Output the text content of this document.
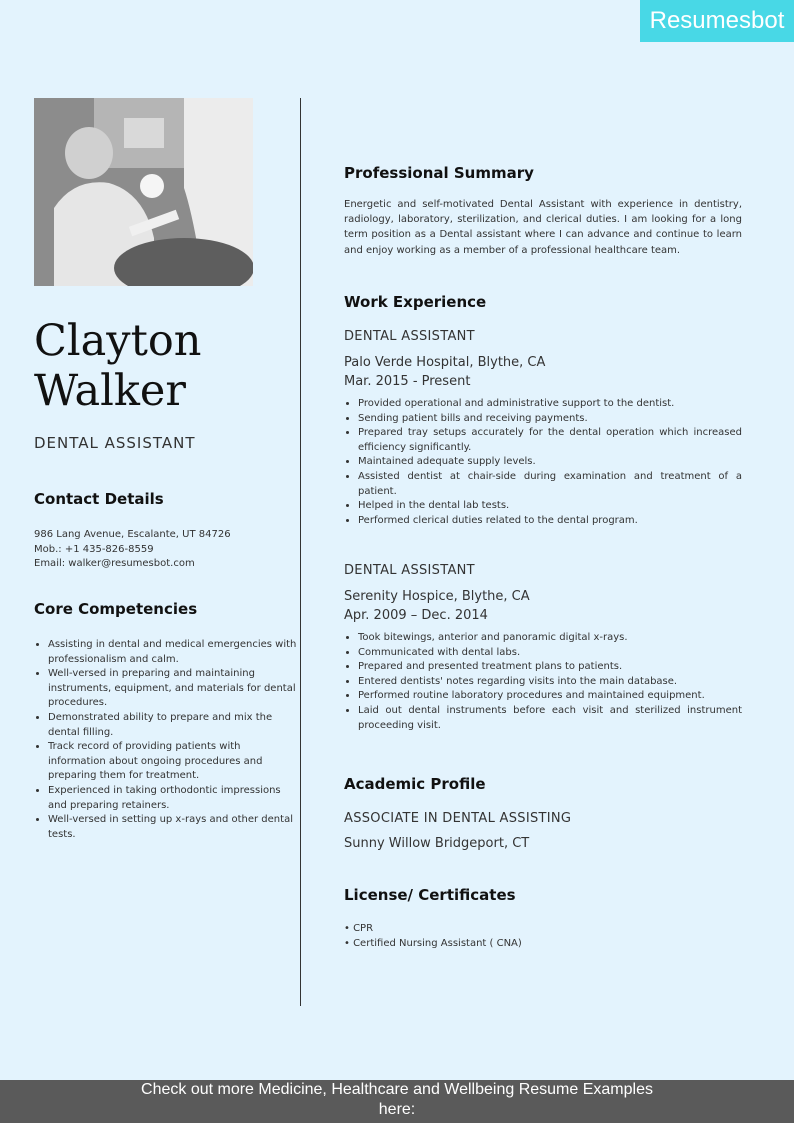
Resumesbot
Clayton
Walker
DENTAL ASSISTANT
Contact Details
986 Lang Avenue, Escalante, UT 84726
Mob.: +1 435-826-8559
Email: walker@resumesbot.com
Core Competencies
• Assisting in dental and medical emergencies with professionalism and calm.
• Well-versed in preparing and maintaining instruments, equipment, and materials for dental procedures.
• Demonstrated ability to prepare and mix the dental filling.
• Track record of providing patients with information about ongoing procedures and preparing them for treatment.
• Experienced in taking orthodontic impressions and preparing retainers.
• Well-versed in setting up x-rays and other dental tests.
Professional Summary
Energetic and self-motivated Dental Assistant with experience in dentistry, radiology, laboratory, sterilization, and clerical duties. I am looking for a long term position as a Dental assistant where I can advance and continue to learn and enjoy working as a member of a professional healthcare team.
Work Experience
DENTAL ASSISTANT
Palo Verde Hospital, Blythe, CA
Mar. 2015 - Present
• Provided operational and administrative support to the dentist.
• Sending patient bills and receiving payments.
• Prepared tray setups accurately for the dental operation which increased efficiency significantly.
• Maintained adequate supply levels.
• Assisted dentist at chair-side during examination and treatment of a patient.
• Helped in the dental lab tests.
• Performed clerical duties related to the dental program.
DENTAL ASSISTANT
Serenity Hospice, Blythe, CA
Apr. 2009 – Dec. 2014
• Took bitewings, anterior and panoramic digital x-rays.
• Communicated with dental labs.
• Prepared and presented treatment plans to patients.
• Entered dentists' notes regarding visits into the main database.
• Performed routine laboratory procedures and maintained equipment.
• Laid out dental instruments before each visit and sterilized instrument proceeding visit.
Academic Profile
ASSOCIATE IN DENTAL ASSISTING
Sunny Willow Bridgeport, CT
License/ Certificates
• CPR
• Certified Nursing Assistant ( CNA)
Check out more Medicine, Healthcare and Wellbeing Resume Examples here:
